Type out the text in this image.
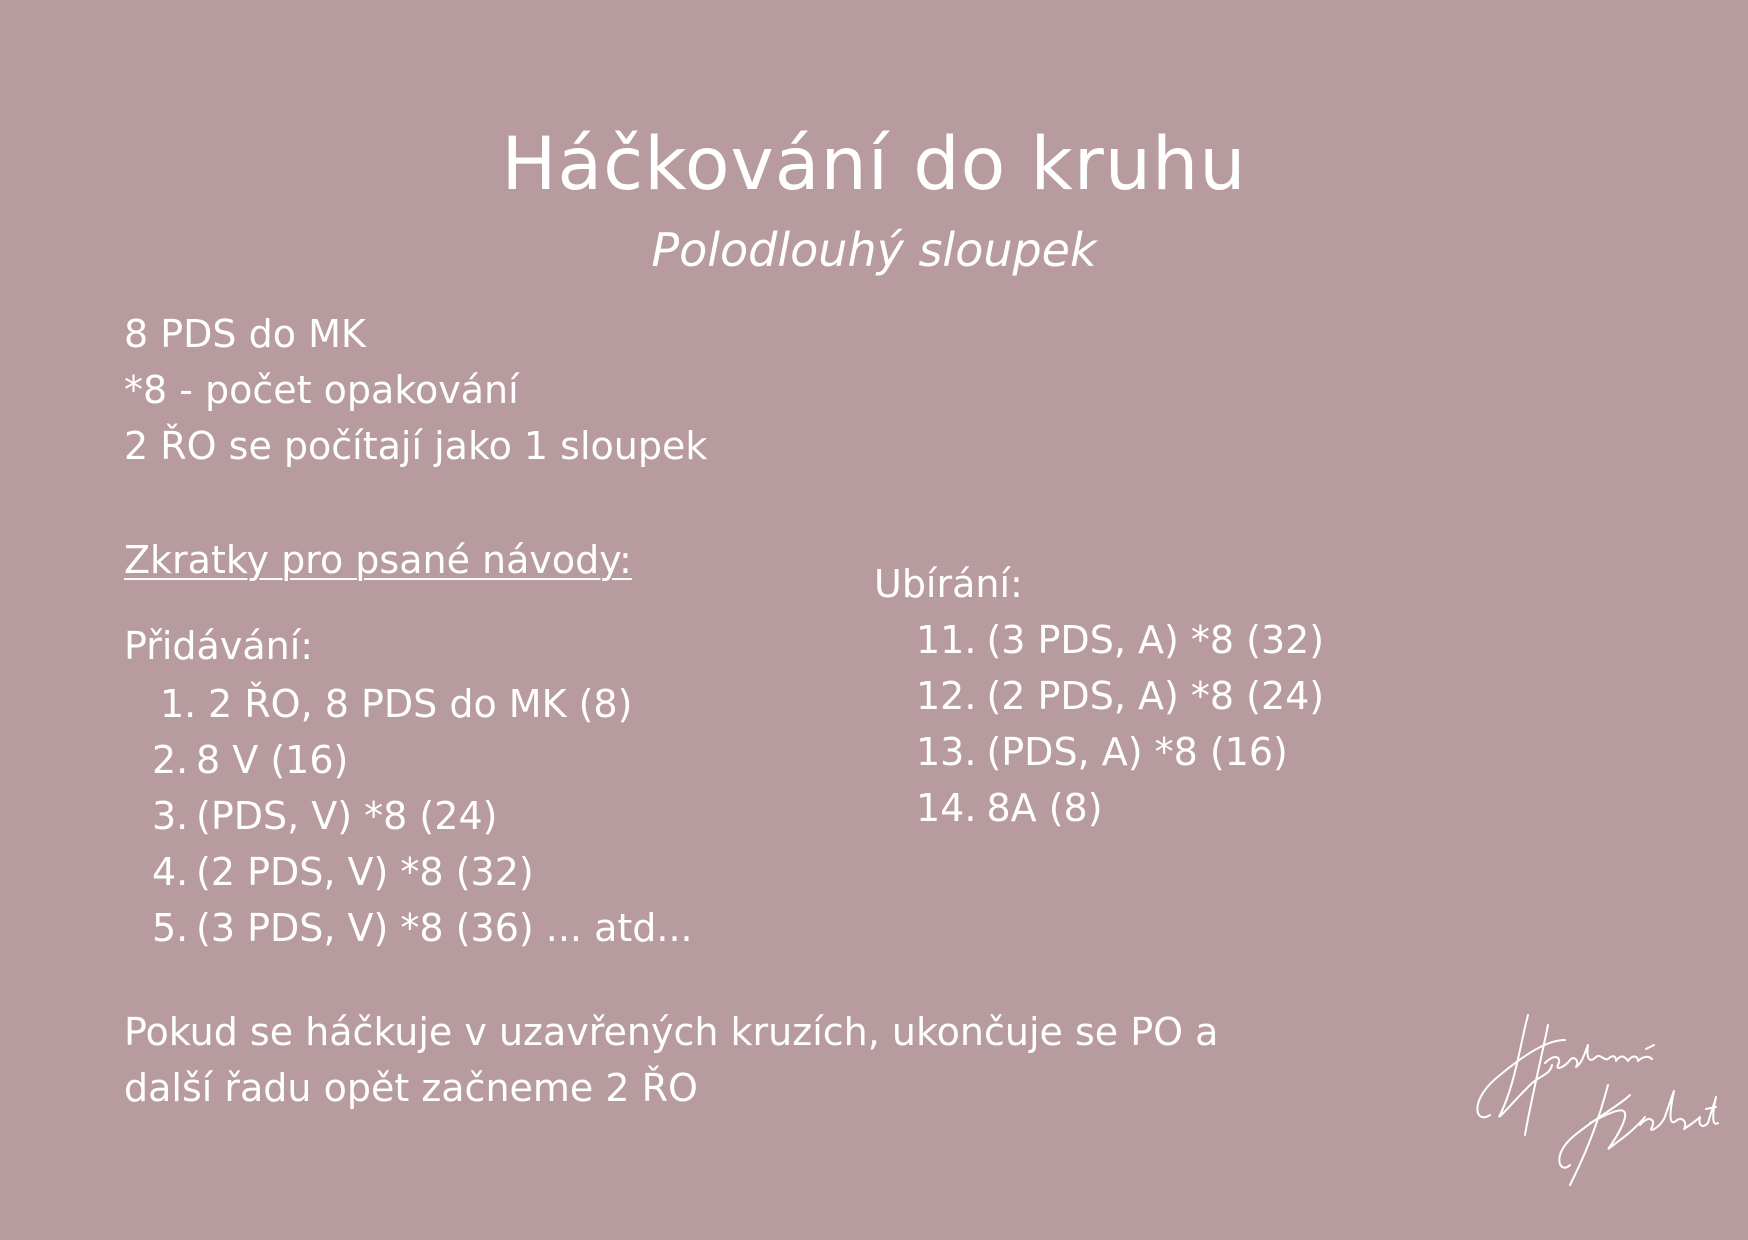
Háčkování do kruhu
Polodlouhý sloupek
8 PDS do MK
*8 - počet opakování
2 ŘO se počítají jako 1 sloupek
Zkratky pro psané návody:
Přidávání:
1. 2 ŘO, 8 PDS do MK (8)
2. 8 V (16)
3. (PDS, V) *8 (24)
4. (2 PDS, V) *8 (32)
5. (3 PDS, V) *8 (36) ... atd...
Ubírání:
11. (3 PDS, A) *8 (32)
12. (2 PDS, A) *8 (24)
13. (PDS, A) *8 (16)
14. 8A (8)
Pokud se háčkuje v uzavřených kruzích, ukončuje se PO a
další řadu opět začneme 2 ŘO
